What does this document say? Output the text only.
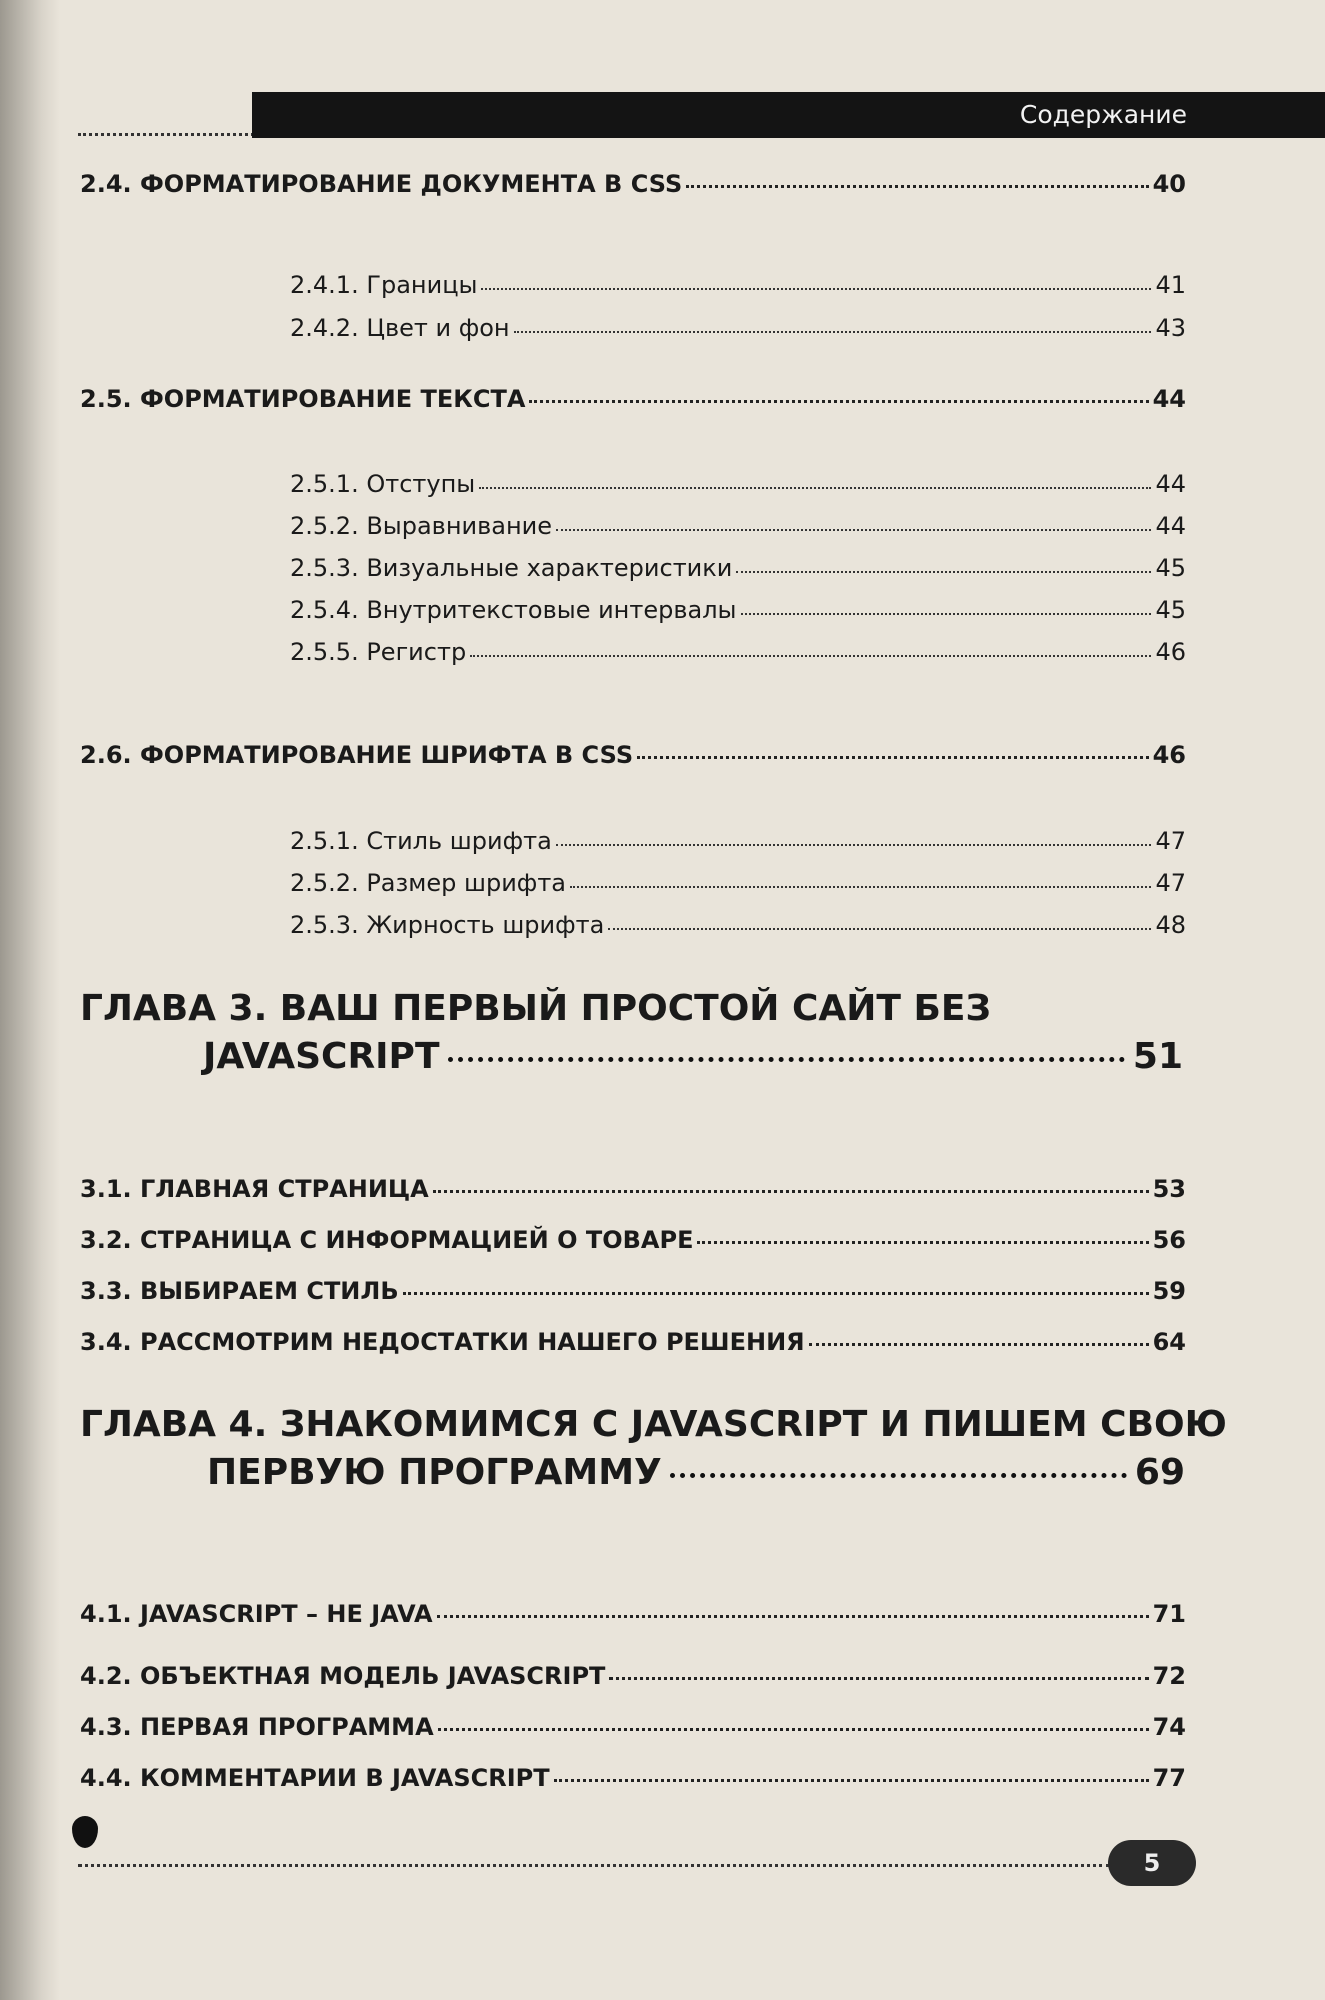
Содержание
2.4. ФОРМАТИРОВАНИЕ ДОКУМЕНТА В CSS	40
2.4.1. Границы	41
2.4.2. Цвет и фон	43
2.5. ФОРМАТИРОВАНИЕ ТЕКСТА	44
2.5.1. Отступы	44
2.5.2. Выравнивание	44
2.5.3. Визуальные характеристики	45
2.5.4. Внутритекстовые интервалы	45
2.5.5. Регистр	46
2.6. ФОРМАТИРОВАНИЕ ШРИФТА В CSS	46
2.5.1. Стиль шрифта	47
2.5.2. Размер шрифта	47
2.5.3. Жирность шрифта	48
ГЛАВА 3. ВАШ ПЕРВЫЙ ПРОСТОЙ САЙТ БЕЗ
JAVASCRIPT	51
3.1. ГЛАВНАЯ СТРАНИЦА	53
3.2. СТРАНИЦА С ИНФОРМАЦИЕЙ О ТОВАРЕ	56
3.3. ВЫБИРАЕМ СТИЛЬ	59
3.4. РАССМОТРИМ НЕДОСТАТКИ НАШЕГО РЕШЕНИЯ	64
ГЛАВА 4. ЗНАКОМИМСЯ С JAVASCRIPT И ПИШЕМ СВОЮ
ПЕРВУЮ ПРОГРАММУ	69
4.1. JAVASCRIPT – НЕ JAVA	71
4.2. ОБЪЕКТНАЯ МОДЕЛЬ JAVASCRIPT	72
4.3. ПЕРВАЯ ПРОГРАММА	74
4.4. КОММЕНТАРИИ В JAVASCRIPT	77
5
